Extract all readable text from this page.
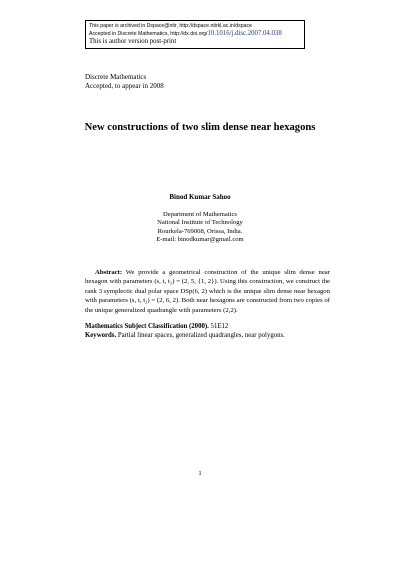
This paper is archived in Dspace@nitr, http://dspace.nitrkl.ac.in/dspace
Accepted in Discrete Mathematics, http://dx.doi.org/10.1016/j.disc.2007.04.038
This is author version post-print
Discrete Mathematics
Accepted, to appear in 2008
New constructions of two slim dense near hexagons
Binod Kumar Sahoo
Department of Mathematics
National Institute of Technology
Rourkela-769008, Orissa, India.
E-mail: binodkumar@gmail.com
Abstract: We provide a geometrical construction of the unique slim dense near hexagon with parameters (s, t, t₂) = (2, 5, {1, 2}). Using this construction, we construct the rank 3 symplectic dual polar space DSp(6, 2) which is the unique slim dense near hexagon with parameters (s, t, t₂) = (2, 6, 2). Both near hexagons are constructed from two copies of the unique generalized quadrangle with parameters (2,2).
Mathematics Subject Classification (2000). 51E12
Keywords. Partial linear spaces, generalized quadrangles, near polygons.
1
